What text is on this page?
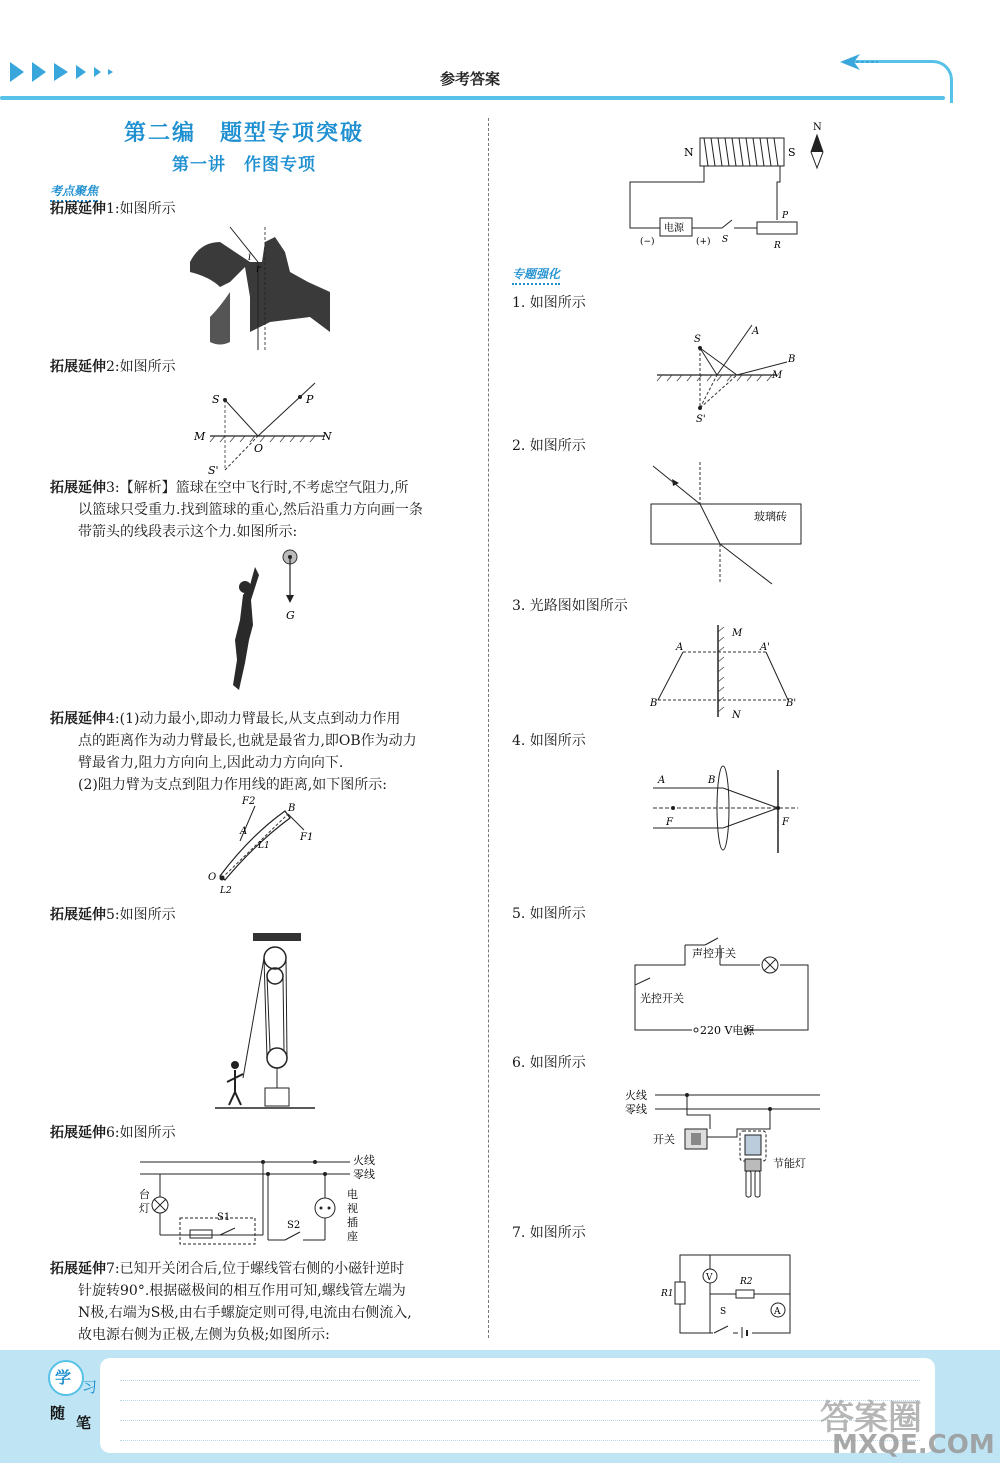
参考答案
第二编　题型专项突破
第一讲　作图专项
考点聚焦
拓展延伸1:如图所示
i
r
拓展延伸2:如图所示
S	P
M
O
N
S'
拓展延伸3:【解析】篮球在空中飞行时,不考虑空气阻力,所
以篮球只受重力.找到篮球的重心,然后沿重力方向画一条
带箭头的线段表示这个力.如图所示:
G
拓展延伸4:(1)动力最小,即动力臂最长,从支点到动力作用
点的距离作为动力臂最长,也就是最省力,即OB作为动力
臂最省力,阻力方向向上,因此动力方向向下.
(2)阻力臂为支点到阻力作用线的距离,如下图所示:
F2
B
A
L1
F1
O
L2
拓展延伸5:如图所示
拓展延伸6:如图所示
火线
零线
S1
台
灯
S2
电
视
插
座
拓展延伸7:已知开关闭合后,位于螺线管右侧的小磁针逆时
针旋转90°.根据磁极间的相互作用可知,螺线管左端为
N极,右端为S极,由右手螺旋定则可得,电流由右侧流入,
故电源右侧为正极,左侧为负极;如图所示:
N	S
N
电源
(−)	(+) S
P
R
专题强化
1. 如图所示
S
A
B
M
S'
2. 如图所示
玻璃砖
3. 光路图如图所示
A	A'
B	B'
M
N
4. 如图所示
A	B
F	F
5. 如图所示
声控开关
光控开关
220 V电源
6. 如图所示
火线
零线
开关
节能灯
7. 如图所示
R1
V	R2
A
S
学 习
随
笔	答案圈
MXQE.COM
